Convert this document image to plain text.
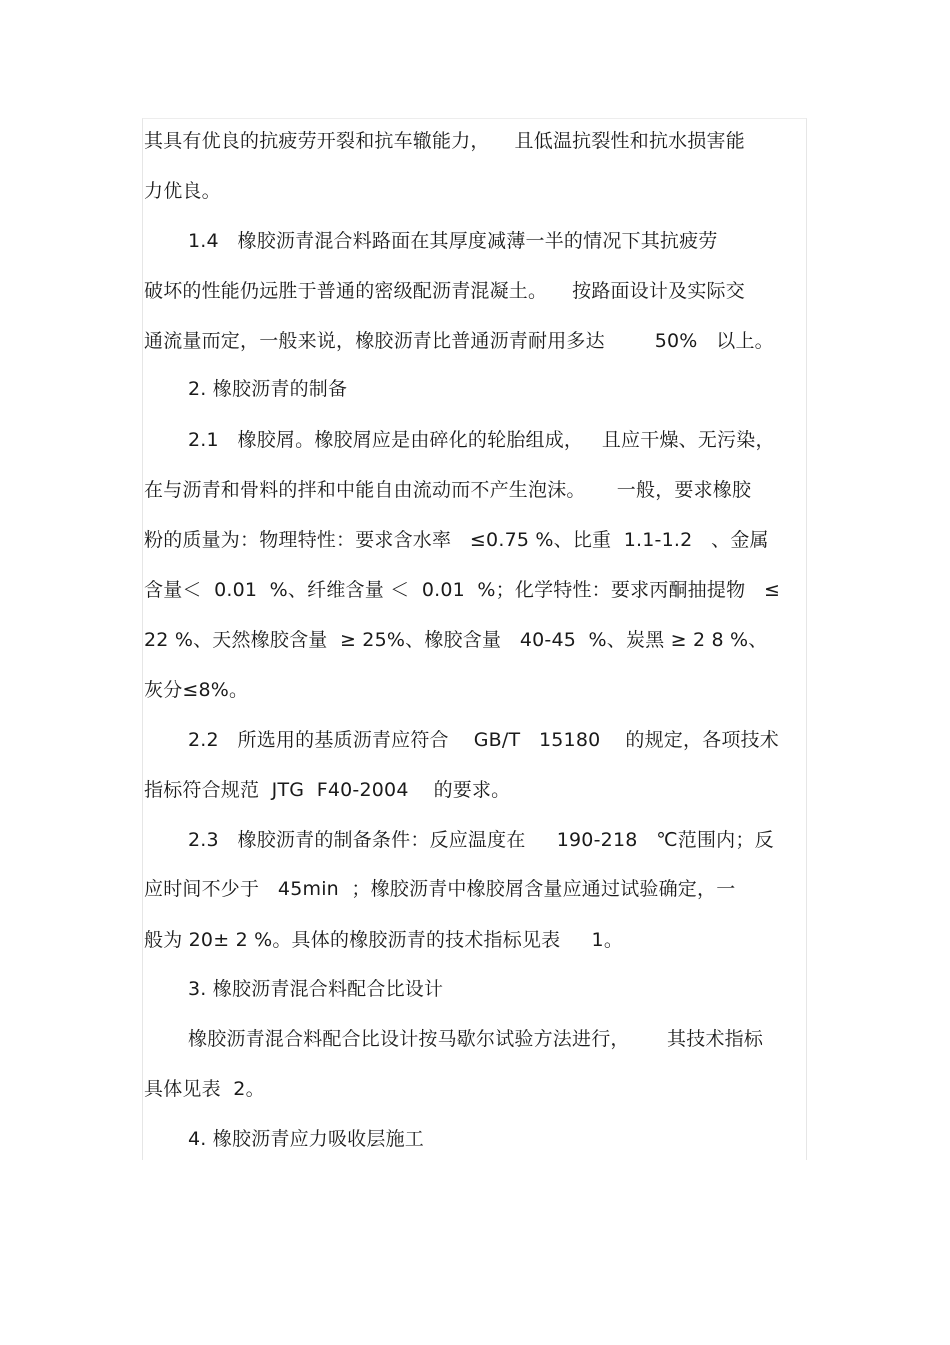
其具有优良的抗疲劳开裂和抗车辙能力，    且低温抗裂性和抗水损害能
力优良。
1.4   橡胶沥青混合料路面在其厚度减薄一半的情况下其抗疲劳
破坏的性能仍远胜于普通的密级配沥青混凝土。    按路面设计及实际交
通流量而定，一般来说，橡胶沥青比普通沥青耐用多达        50%   以上。
2. 橡胶沥青的制备
2.1   橡胶屑。橡胶屑应是由碎化的轮胎组成，   且应干燥、无污染，
在与沥青和骨料的拌和中能自由流动而不产生泡沫。     一般，要求橡胶
粉的质量为：物理特性：要求含水率   ≤0.75 %、比重  1.1-1.2   、金属
含量＜  0.01  %、纤维含量 ＜  0.01  %；化学特性：要求丙酮抽提物   ≤
22 %、天然橡胶含量  ≥ 25%、橡胶含量   40-45  %、炭黑 ≥ 2 8 %、
灰分≤8%。
2.2   所选用的基质沥青应符合    GB/T   15180    的规定，各项技术
指标符合规范  JTG  F40-2004    的要求。
2.3   橡胶沥青的制备条件：反应温度在     190-218   ℃范围内；反
应时间不少于   45min  ；橡胶沥青中橡胶屑含量应通过试验确定，一
般为 20± 2 %。具体的橡胶沥青的技术指标见表     1。
3. 橡胶沥青混合料配合比设计
橡胶沥青混合料配合比设计按马歇尔试验方法进行，      其技术指标
具体见表  2。
4. 橡胶沥青应力吸收层施工
